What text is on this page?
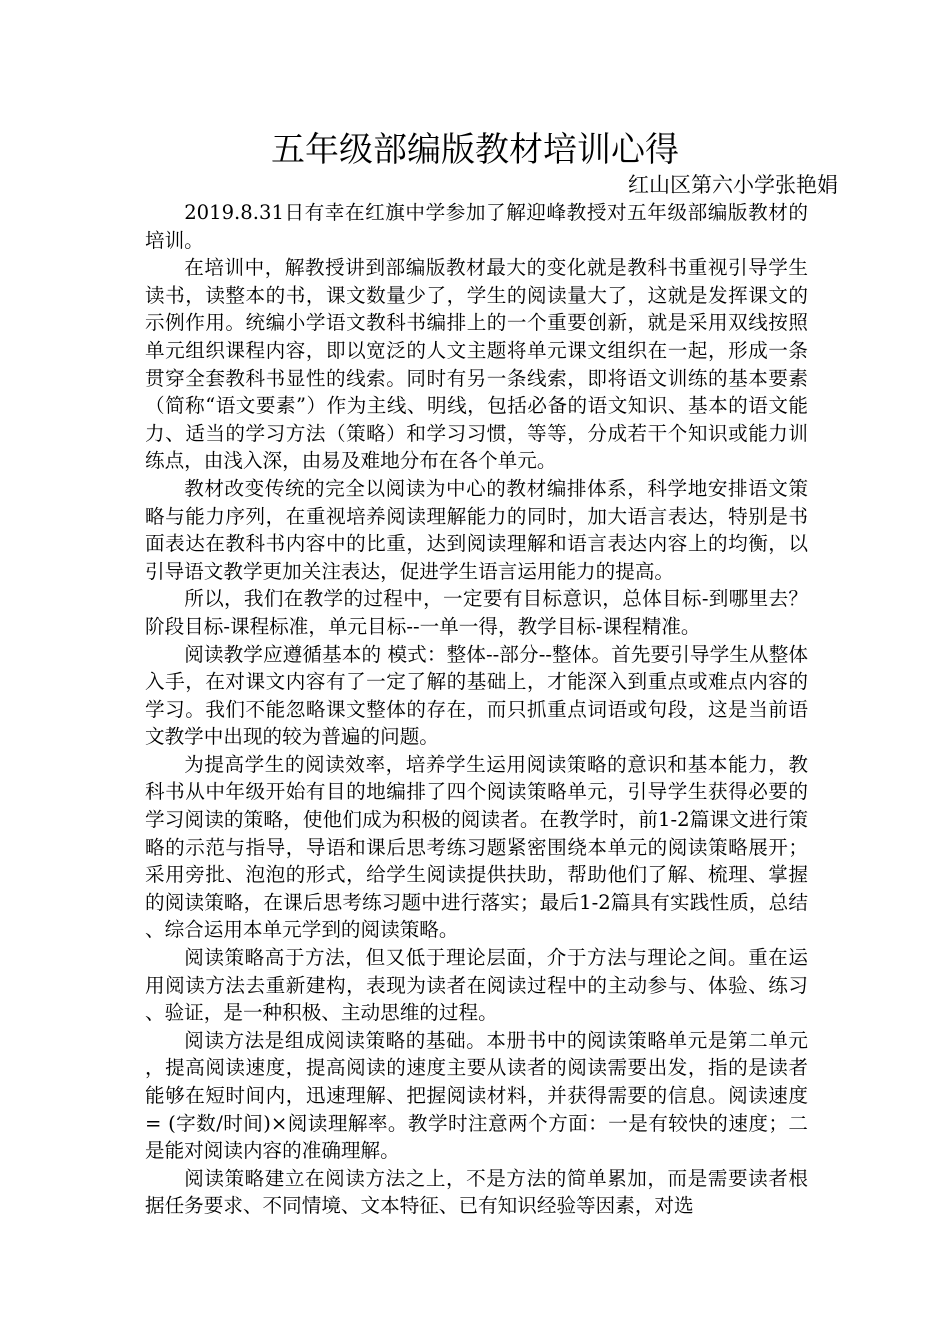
五年级部编版教材培训心得
红山区第六小学张艳娟

2019.8.31日有幸在红旗中学参加了解迎峰教授对五年级部编版教材的培训。

在培训中，解教授讲到部编版教材最大的变化就是教科书重视引导学生读书，读整本的书，课文数量少了，学生的阅读量大了，这就是发挥课文的示例作用。统编小学语文教科书编排上的一个重要创新，就是采用双线按照单元组织课程内容，即以宽泛的人文主题将单元课文组织在一起，形成一条贯穿全套教科书显性的线索。同时有另一条线索，即将语文训练的基本要素（简称“语文要素”）作为主线、明线，包括必备的语文知识、基本的语文能力、适当的学习方法（策略）和学习习惯，等等，分成若干个知识或能力训练点，由浅入深，由易及难地分布在各个单元。

教材改变传统的完全以阅读为中心的教材编排体系，科学地安排语文策略与能力序列，在重视培养阅读理解能力的同时，加大语言表达，特别是书面表达在教科书内容中的比重，达到阅读理解和语言表达内容上的均衡，以引导语文教学更加关注表达，促进学生语言运用能力的提高。

所以，我们在教学的过程中，一定要有目标意识，总体目标-到哪里去？阶段目标-课程标准，单元目标--一单一得，教学目标-课程精准。

阅读教学应遵循基本的 模式：整体--部分--整体。首先要引导学生从整体入手，在对课文内容有了一定了解的基础上，才能深入到重点或难点内容的学习。我们不能忽略课文整体的存在，而只抓重点词语或句段，这是当前语文教学中出现的较为普遍的问题。

为提高学生的阅读效率，培养学生运用阅读策略的意识和基本能力，教科书从中年级开始有目的地编排了四个阅读策略单元，引导学生获得必要的学习阅读的策略，使他们成为积极的阅读者。在教学时，前1-2篇课文进行策略的示范与指导，导语和课后思考练习题紧密围绕本单元的阅读策略展开；采用旁批、泡泡的形式，给学生阅读提供扶助，帮助他们了解、梳理、掌握的阅读策略，在课后思考练习题中进行落实；最后1-2篇具有实践性质，总结、综合运用本单元学到的阅读策略。

阅读策略高于方法，但又低于理论层面，介于方法与理论之间。重在运用阅读方法去重新建构，表现为读者在阅读过程中的主动参与、体验、练习、验证，是一种积极、主动思维的过程。

阅读方法是组成阅读策略的基础。本册书中的阅读策略单元是第二单元，提高阅读速度，提高阅读的速度主要从读者的阅读需要出发，指的是读者能够在短时间内，迅速理解、把握阅读材料，并获得需要的信息。阅读速度 = (字数/时间)×阅读理解率。教学时注意两个方面：一是有较快的速度；二是能对阅读内容的准确理解。

阅读策略建立在阅读方法之上，不是方法的简单累加，而是需要读者根据任务要求、不同情境、文本特征、已有知识经验等因素，对选
